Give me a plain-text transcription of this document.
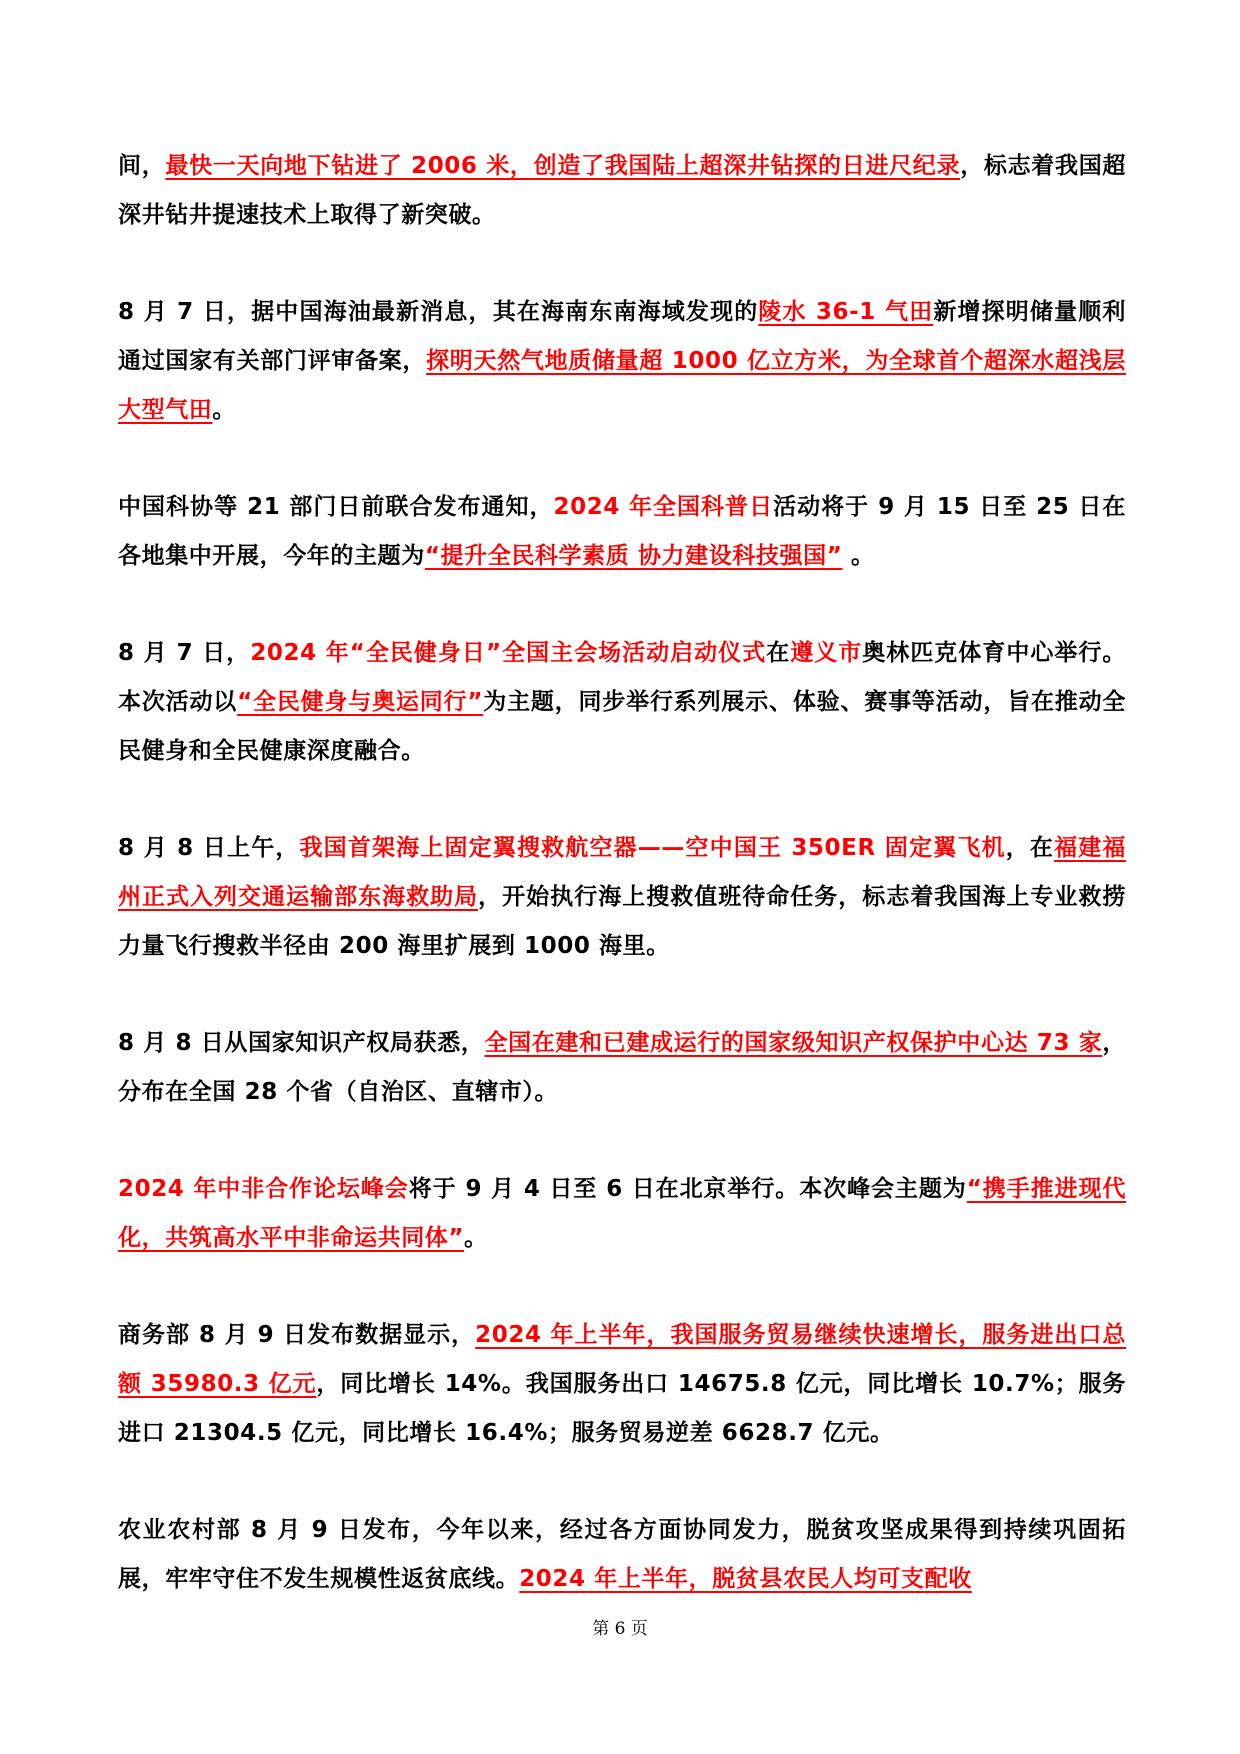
间，最快一天向地下钻进了 2006 米，创造了我国陆上超深井钻探的日进尺纪录，标志着我国超深井钻井提速技术上取得了新突破。
8 月 7 日，据中国海油最新消息，其在海南东南海域发现的陵水 36-1 气田新增探明储量顺利通过国家有关部门评审备案，探明天然气地质储量超 1000 亿立方米，为全球首个超深水超浅层大型气田。
中国科协等 21 部门日前联合发布通知，2024 年全国科普日活动将于 9 月 15 日至 25 日在各地集中开展，今年的主题为“提升全民科学素质 协力建设科技强国” 。
8 月 7 日，2024 年“全民健身日”全国主会场活动启动仪式在遵义市奥林匹克体育中心举行。本次活动以“全民健身与奥运同行”为主题，同步举行系列展示、体验、赛事等活动，旨在推动全民健身和全民健康深度融合。
8 月 8 日上午，我国首架海上固定翼搜救航空器——空中国王 350ER 固定翼飞机，在福建福州正式入列交通运输部东海救助局，开始执行海上搜救值班待命任务，标志着我国海上专业救捞力量飞行搜救半径由 200 海里扩展到 1000 海里。
8 月 8 日从国家知识产权局获悉，全国在建和已建成运行的国家级知识产权保护中心达 73 家，分布在全国 28 个省（自治区、直辖市）。
2024 年中非合作论坛峰会将于 9 月 4 日至 6 日在北京举行。本次峰会主题为“携手推进现代化，共筑高水平中非命运共同体”。
商务部 8 月 9 日发布数据显示，2024 年上半年，我国服务贸易继续快速增长，服务进出口总额 35980.3 亿元，同比增长 14%。我国服务出口 14675.8 亿元，同比增长 10.7%；服务进口 21304.5 亿元，同比增长 16.4%；服务贸易逆差 6628.7 亿元。
农业农村部 8 月 9 日发布，今年以来，经过各方面协同发力，脱贫攻坚成果得到持续巩固拓展，牢牢守住不发生规模性返贫底线。2024 年上半年，脱贫县农民人均可支配收
第 6 页
